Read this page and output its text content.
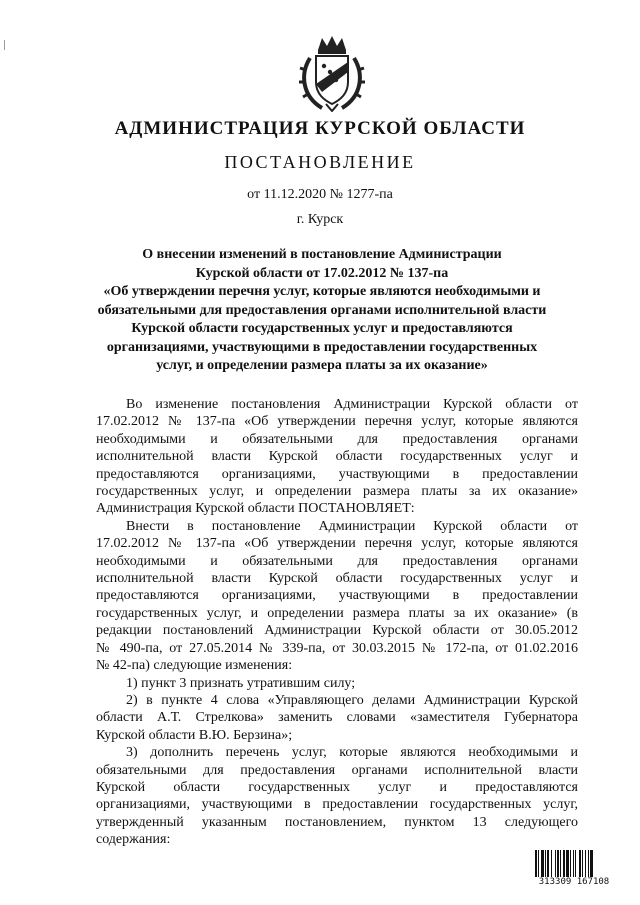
АДМИНИСТРАЦИЯ КУРСКОЙ ОБЛАСТИ
ПОСТАНОВЛЕНИЕ
от 11.12.2020 № 1277-па
г. Курск
О внесении изменений в постановление Администрации
Курской области от 17.02.2012 № 137-па
«Об утверждении перечня услуг, которые являются необходимыми и
обязательными для предоставления органами исполнительной власти
Курской области государственных услуг и предоставляются
организациями, участвующими в предоставлении государственных
услуг, и определении размера платы за их оказание»
Во изменение постановления Администрации Курской области от
17.02.2012 № 137-па «Об утверждении перечня услуг, которые являются
необходимыми и обязательными для предоставления органами
исполнительной власти Курской области государственных услуг и
предоставляются организациями, участвующими в предоставлении
государственных услуг, и определении размера платы за их оказание»
Администрация Курской области ПОСТАНОВЛЯЕТ:
Внести в постановление Администрации Курской области от
17.02.2012 № 137-па «Об утверждении перечня услуг, которые являются
необходимыми и обязательными для предоставления органами
исполнительной власти Курской области государственных услуг и
предоставляются организациями, участвующими в предоставлении
государственных услуг, и определении размера платы за их оказание» (в
редакции постановлений Администрации Курской области от 30.05.2012
№ 490-па, от 27.05.2014 № 339-па, от 30.03.2015 № 172-па, от 01.02.2016
№ 42-па) следующие изменения:
1) пункт 3 признать утратившим силу;
2) в пункте 4 слова «Управляющего делами Администрации Курской
области А.Т. Стрелкова» заменить словами «заместителя Губернатора
Курской области В.Ю. Берзина»;
3) дополнить перечень услуг, которые являются необходимыми и
обязательными для предоставления органами исполнительной власти
Курской области государственных услуг и предоставляются
организациями, участвующими в предоставлении государственных услуг,
утвержденный указанным постановлением, пунктом 13 следующего
содержания:
313309 167108
